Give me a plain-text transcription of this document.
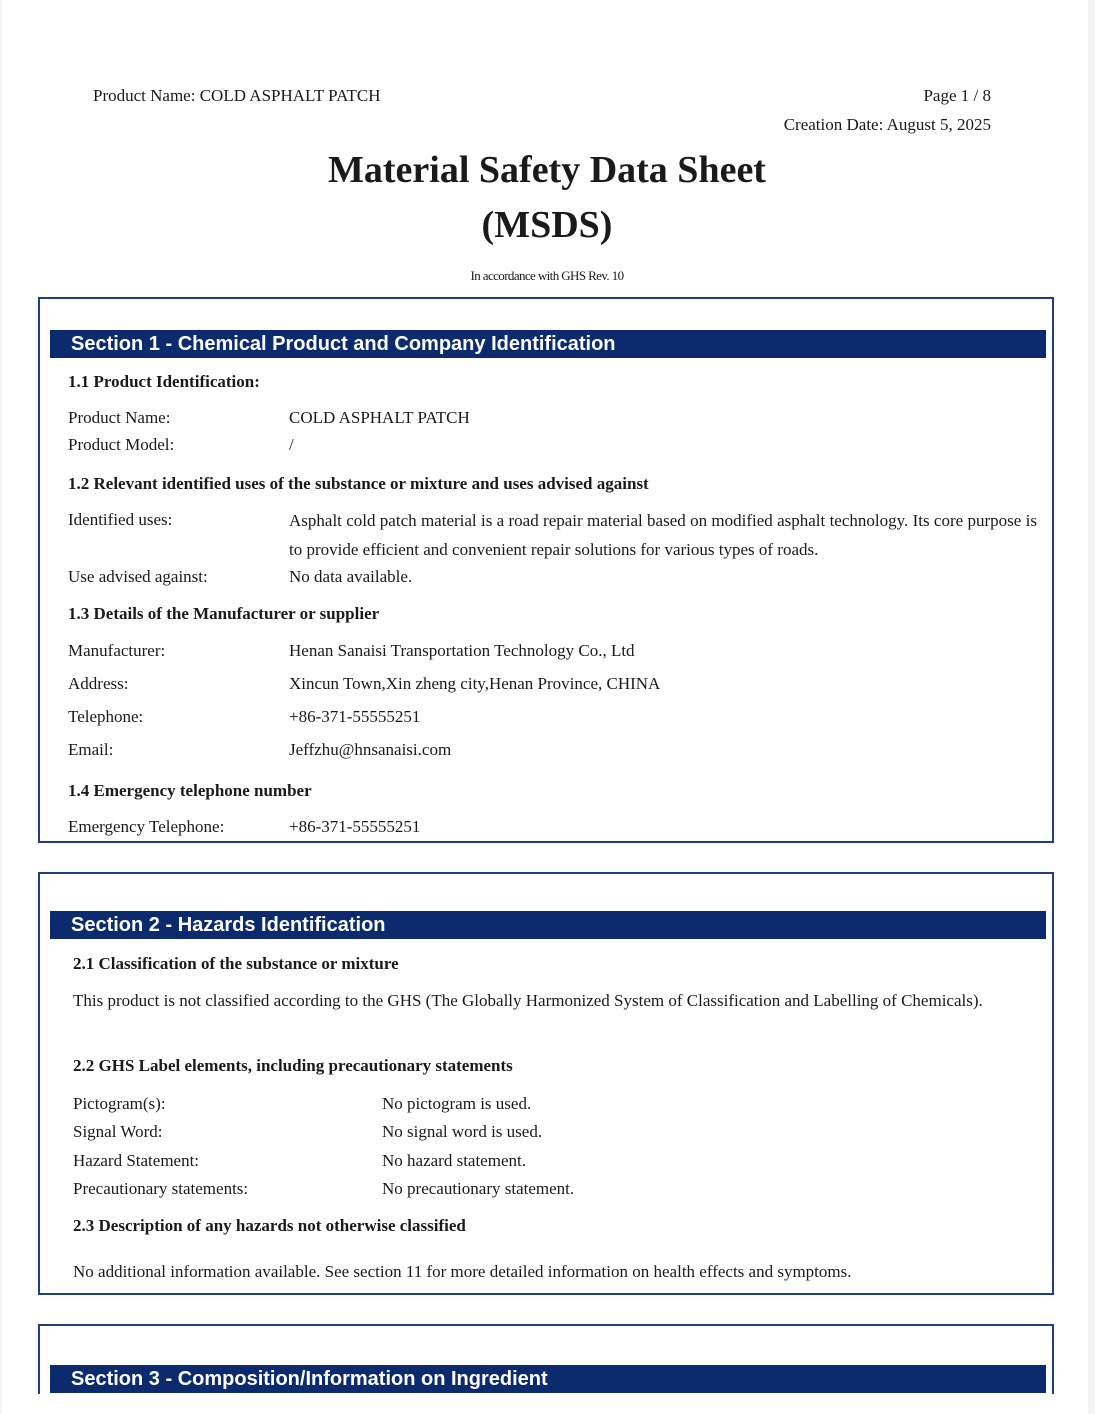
Product Name: COLD ASPHALT PATCH	Page 1 / 8
Creation Date: August 5, 2025
Material Safety Data Sheet
(MSDS)
In accordance with GHS Rev. 10
Section 1 - Chemical Product and Company Identification
1.1 Product Identification:
Product Name:	COLD ASPHALT PATCH
Product Model:	/
1.2 Relevant identified uses of the substance or mixture and uses advised against
Identified uses:	Asphalt cold patch material is a road repair material based on modified asphalt technology. Its core purpose is to provide efficient and convenient repair solutions for various types of roads.
Use advised against:	No data available.
1.3 Details of the Manufacturer or supplier
Manufacturer:	Henan Sanaisi Transportation Technology Co., Ltd
Address:	Xincun Town,Xin zheng city,Henan Province, CHINA
Telephone:	+86-371-55555251
Email:	Jeffzhu@hnsanaisi.com
1.4 Emergency telephone number
Emergency Telephone:	+86-371-55555251
Section 2 - Hazards Identification
2.1 Classification of the substance or mixture
This product is not classified according to the GHS (The Globally Harmonized System of Classification and Labelling of Chemicals).
2.2 GHS Label elements, including precautionary statements
Pictogram(s):	No pictogram is used.
Signal Word:	No signal word is used.
Hazard Statement:	No hazard statement.
Precautionary statements:	No precautionary statement.
2.3 Description of any hazards not otherwise classified
No additional information available. See section 11 for more detailed information on health effects and symptoms.
Section 3 - Composition/Information on Ingredient
